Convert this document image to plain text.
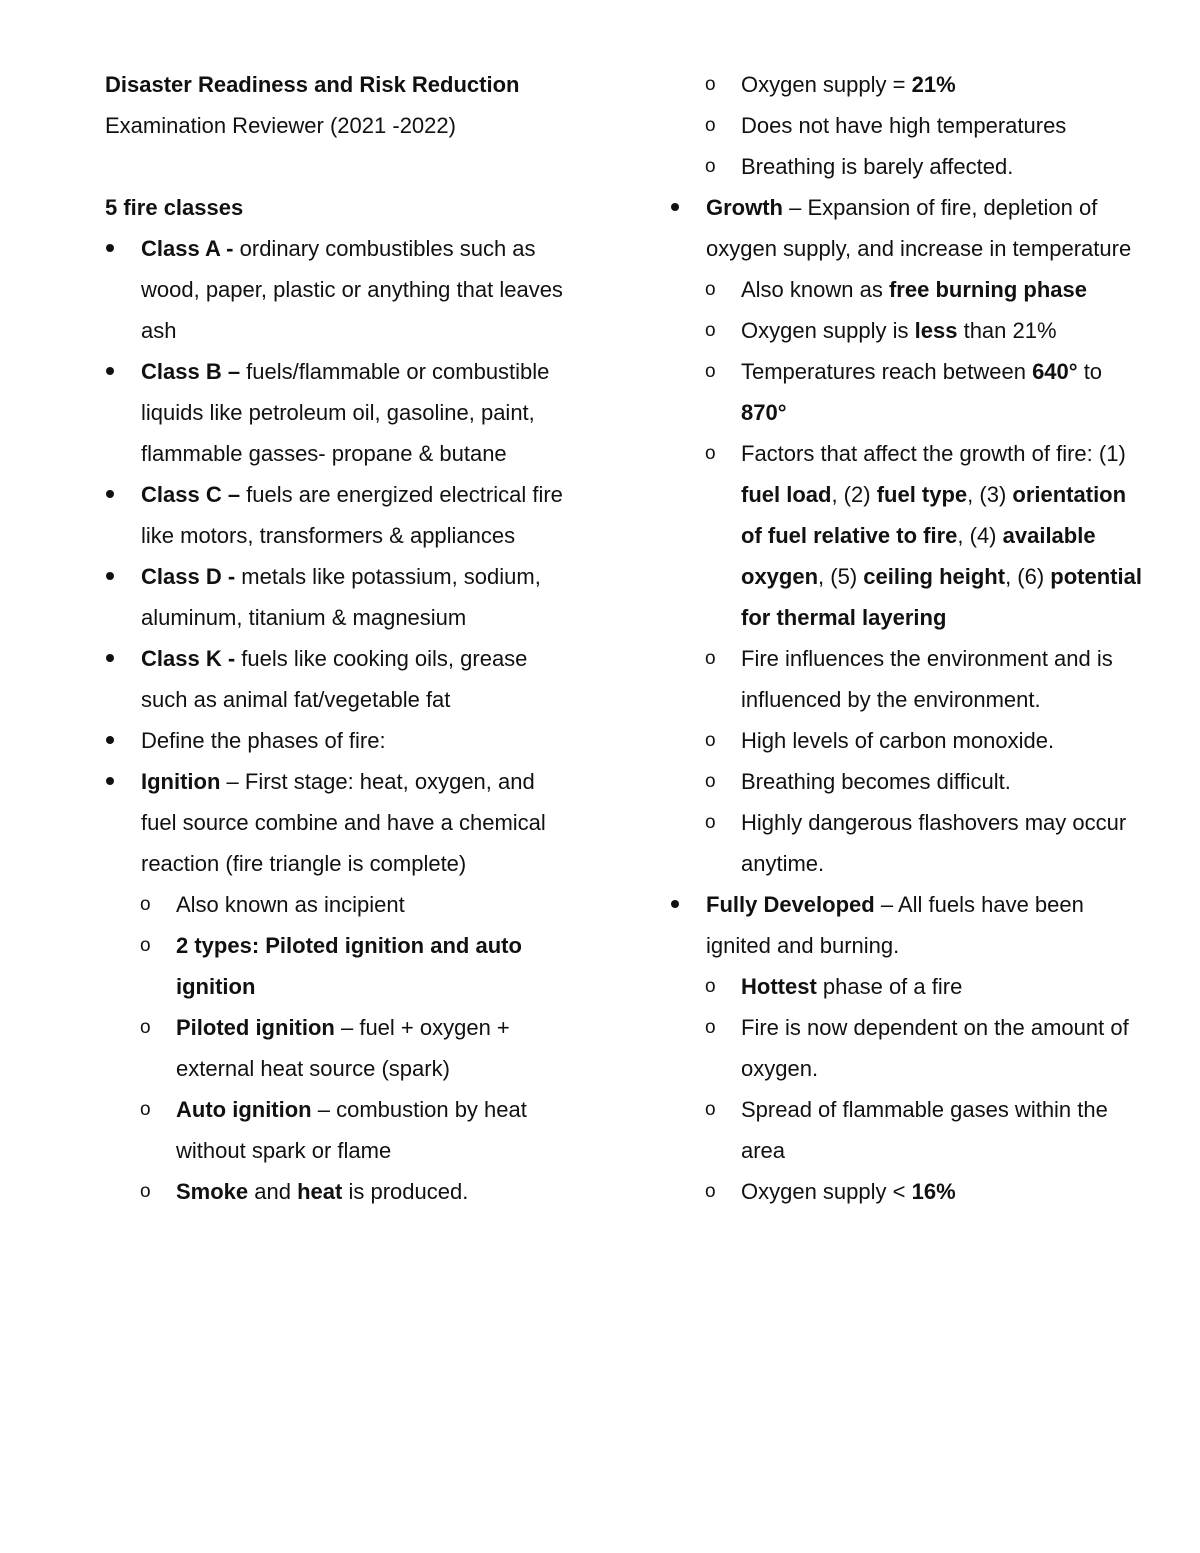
Disaster Readiness and Risk Reduction

Examination Reviewer (2021 -2022)

5 fire classes

Class A - ordinary combustibles such as wood, paper, plastic or anything that leaves ash
Class B – fuels/flammable or combustible liquids like petroleum oil, gasoline, paint, flammable gasses- propane & butane
Class C – fuels are energized electrical fire like motors, transformers & appliances
Class D - metals like potassium, sodium, aluminum, titanium & magnesium
Class K - fuels like cooking oils, grease such as animal fat/vegetable fat
Define the phases of fire:
Ignition – First stage: heat, oxygen, and fuel source combine and have a chemical reaction (fire triangle is complete)
o Also known as incipient
o 2 types: Piloted ignition and auto ignition
o Piloted ignition – fuel + oxygen + external heat source (spark)
o Auto ignition – combustion by heat without spark or flame
o Smoke and heat is produced.
o Oxygen supply = 21%
o Does not have high temperatures
o Breathing is barely affected.
Growth – Expansion of fire, depletion of oxygen supply, and increase in temperature
o Also known as free burning phase
o Oxygen supply is less than 21%
o Temperatures reach between 640° to 870°
o Factors that affect the growth of fire: (1) fuel load, (2) fuel type, (3) orientation of fuel relative to fire, (4) available oxygen, (5) ceiling height, (6) potential for thermal layering
o Fire influences the environment and is influenced by the environment.
o High levels of carbon monoxide.
o Breathing becomes difficult.
o Highly dangerous flashovers may occur anytime.
Fully Developed – All fuels have been ignited and burning.
o Hottest phase of a fire
o Fire is now dependent on the amount of oxygen.
o Spread of flammable gases within the area
o Oxygen supply < 16%
